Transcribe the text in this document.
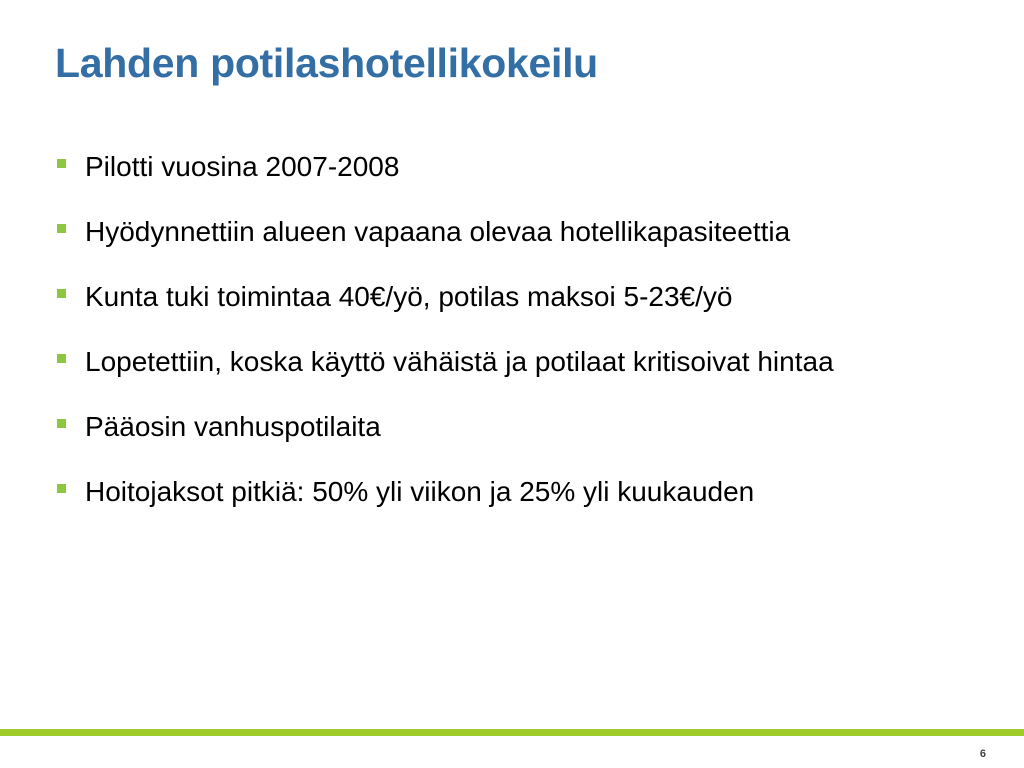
Lahden potilashotellikokeilu
Pilotti vuosina 2007-2008
Hyödynnettiin alueen vapaana olevaa hotellikapasiteettia
Kunta tuki toimintaa 40€/yö, potilas maksoi 5-23€/yö
Lopetettiin, koska käyttö vähäistä ja potilaat kritisoivat hintaa
Pääosin vanhuspotilaita
Hoitojaksot pitkiä: 50% yli viikon ja 25% yli kuukauden
6
